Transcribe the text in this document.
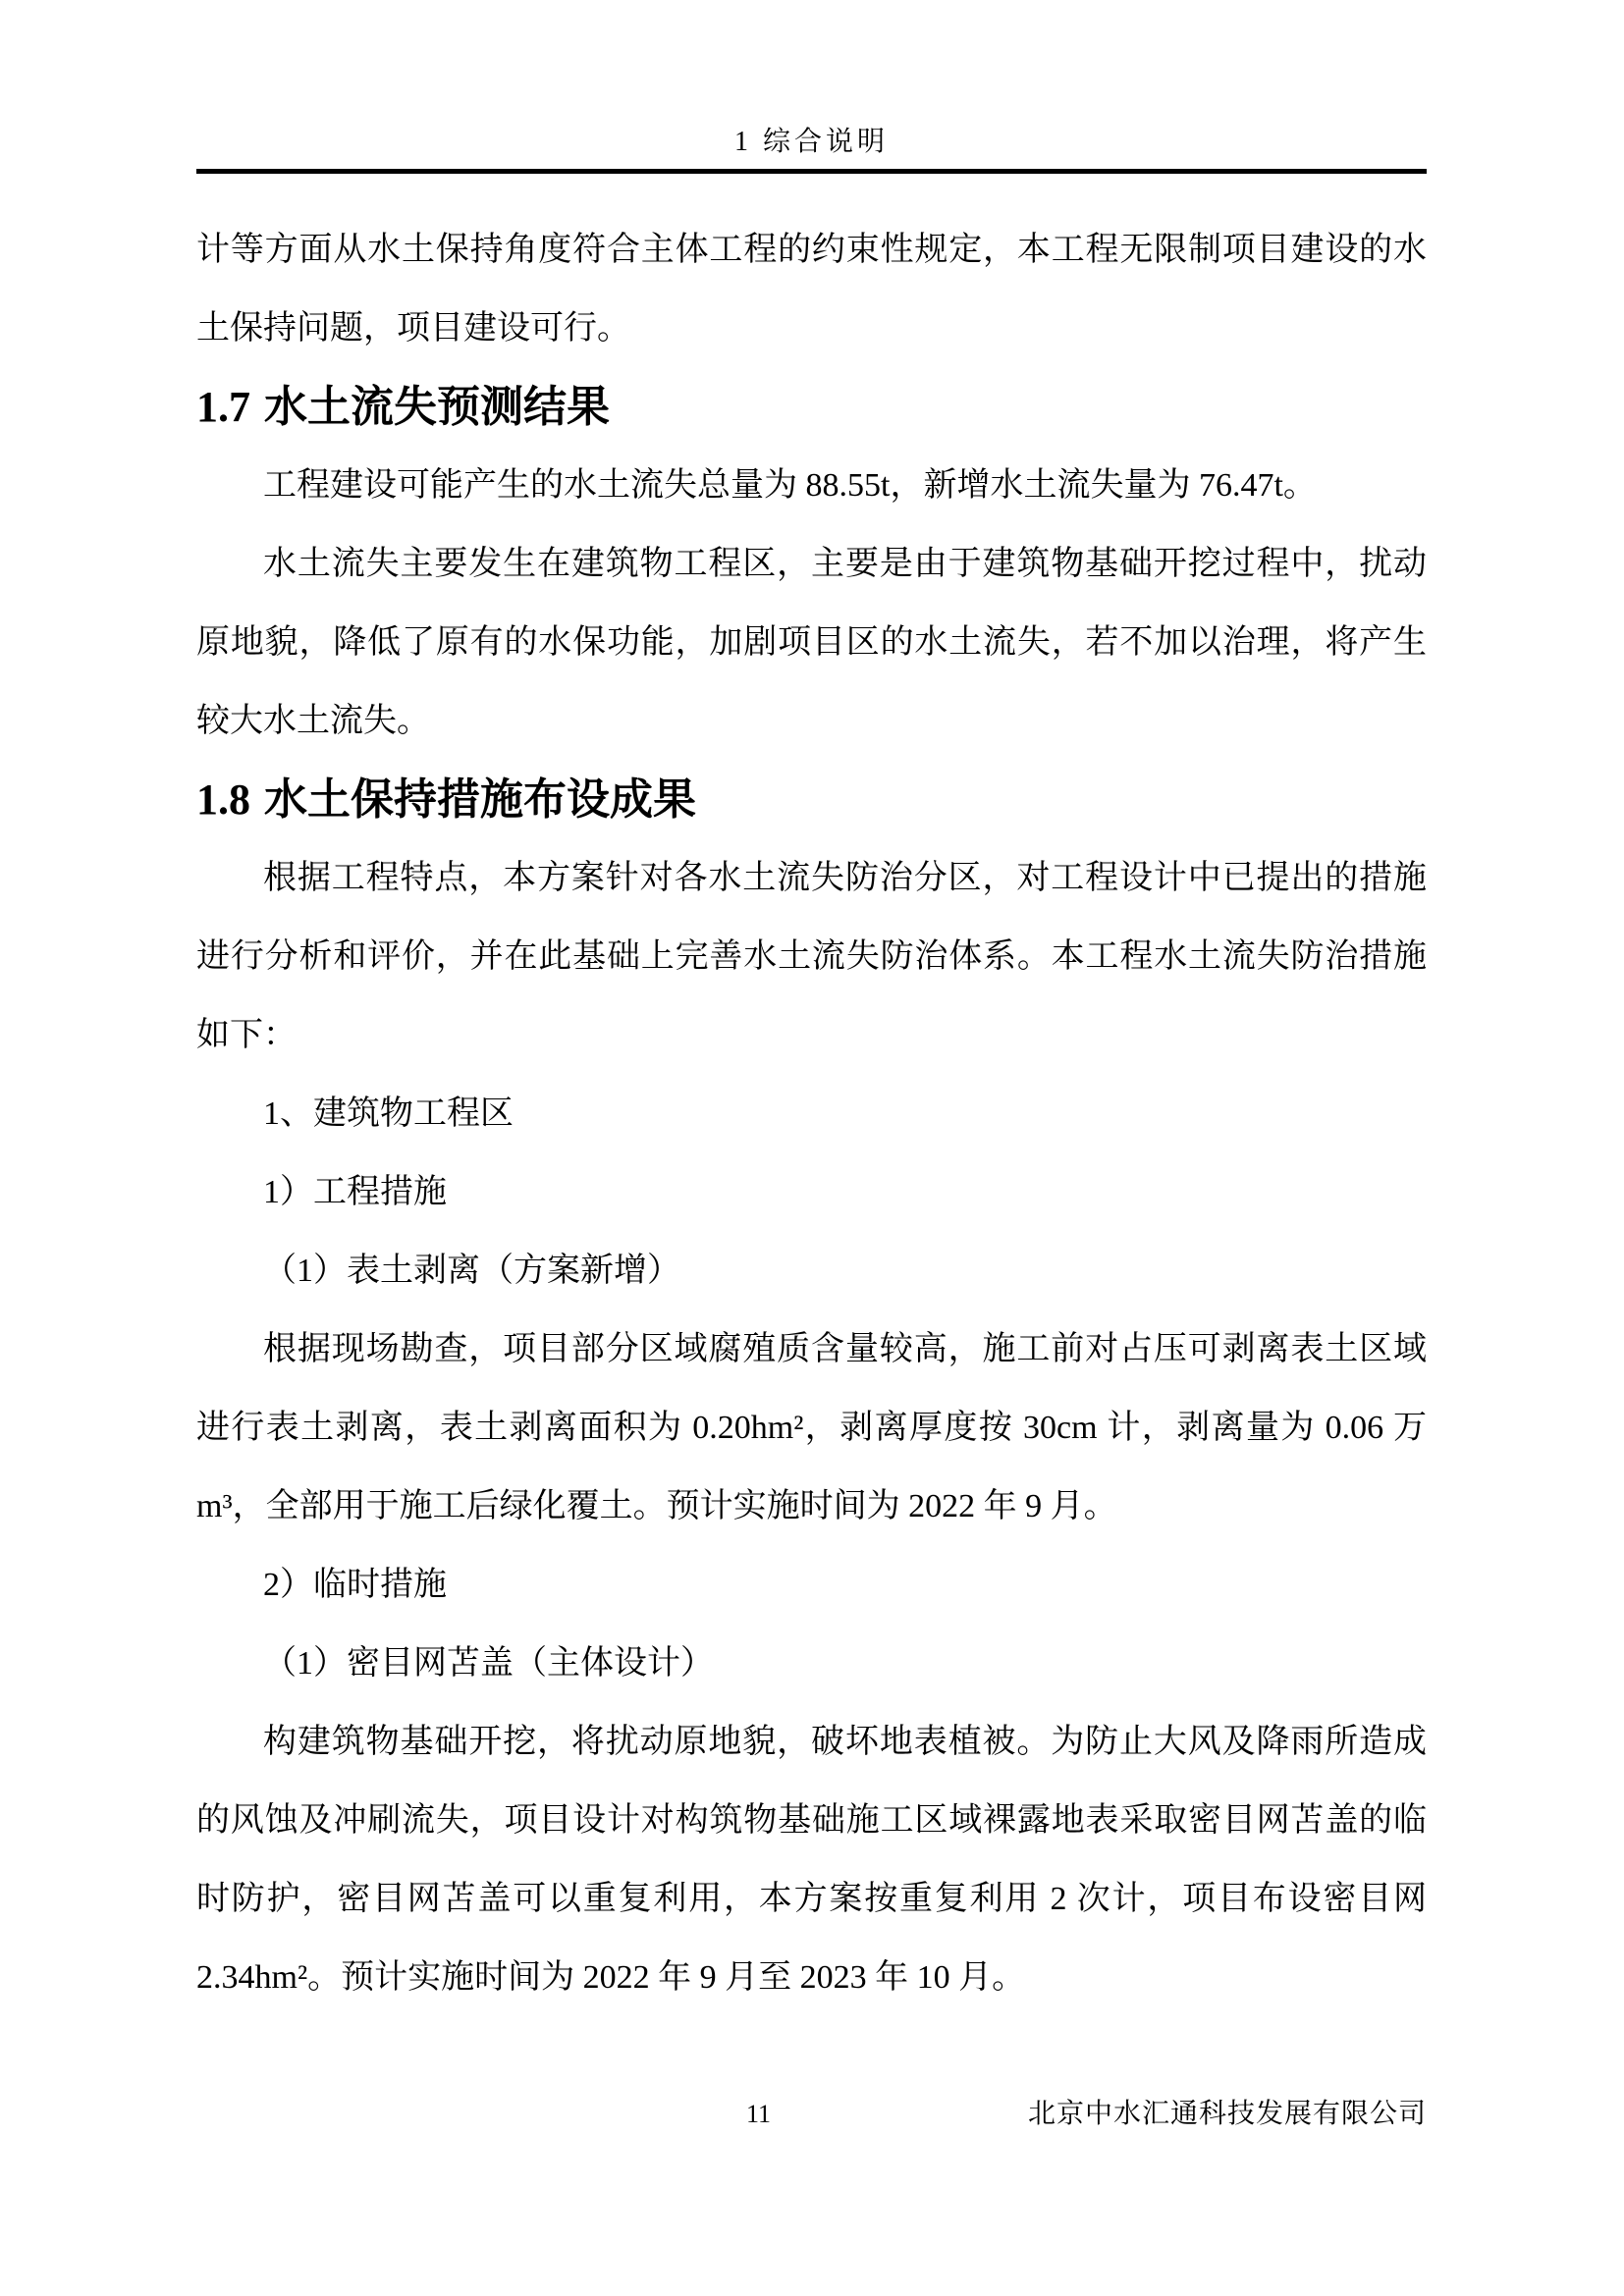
1 综合说明

计等方面从水土保持角度符合主体工程的约束性规定，本工程无限制项目建设的水土保持问题，项目建设可行。

1.7 水土流失预测结果

工程建设可能产生的水土流失总量为 88.55t，新增水土流失量为 76.47t。

水土流失主要发生在建筑物工程区，主要是由于建筑物基础开挖过程中，扰动原地貌，降低了原有的水保功能，加剧项目区的水土流失，若不加以治理，将产生较大水土流失。

1.8 水土保持措施布设成果

根据工程特点，本方案针对各水土流失防治分区，对工程设计中已提出的措施进行分析和评价，并在此基础上完善水土流失防治体系。本工程水土流失防治措施如下：

1、建筑物工程区

1）工程措施

（1）表土剥离（方案新增）

根据现场勘查，项目部分区域腐殖质含量较高，施工前对占压可剥离表土区域进行表土剥离，表土剥离面积为 0.20hm²，剥离厚度按 30cm 计，剥离量为 0.06 万 m³，全部用于施工后绿化覆土。预计实施时间为 2022 年 9 月。

2）临时措施

（1）密目网苫盖（主体设计）

构建筑物基础开挖，将扰动原地貌，破坏地表植被。为防止大风及降雨所造成的风蚀及冲刷流失，项目设计对构筑物基础施工区域裸露地表采取密目网苫盖的临时防护，密目网苫盖可以重复利用，本方案按重复利用 2 次计，项目布设密目网 2.34hm²。预计实施时间为 2022 年 9 月至 2023 年 10 月。

11	北京中水汇通科技发展有限公司
